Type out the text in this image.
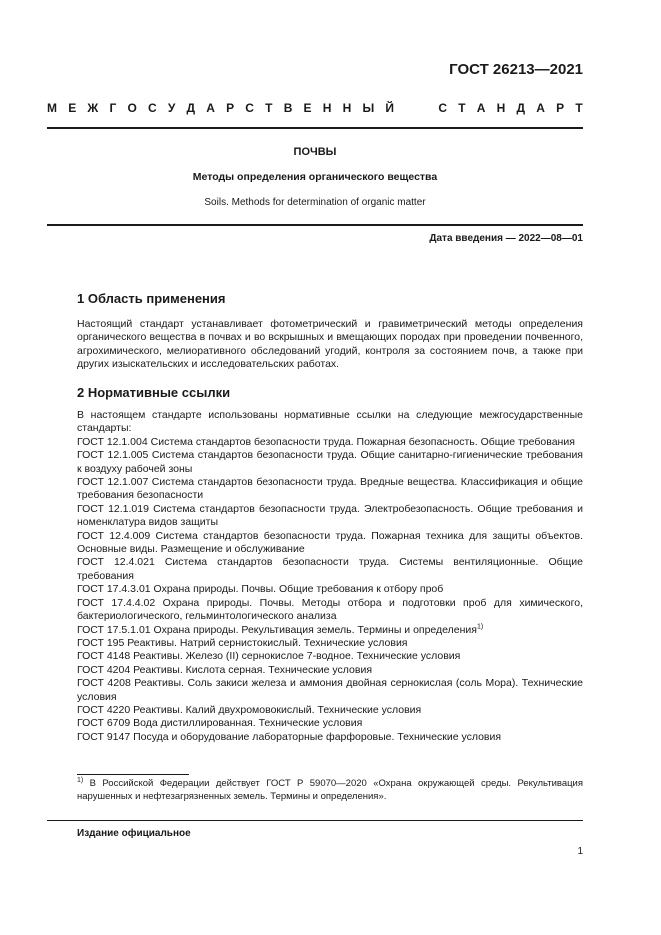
ГОСТ 26213—2021
М Е Ж Г О С У Д А Р С Т В Е Н Н Ы Й	С Т А Н Д А Р Т
ПОЧВЫ
Методы определения органического вещества
Soils. Methods for determination of organic matter
Дата введения — 2022—08—01
1 Область применения

Настоящий стандарт устанавливает фотометрический и гравиметрический методы определения органического вещества в почвах и во вскрышных и вмещающих породах при проведении почвенного, агрохимического, мелиоративного обследований угодий, контроля за состоянием почв, а также при других изыскательских и исследовательских работах.

2 Нормативные ссылки
В настоящем стандарте использованы нормативные ссылки на следующие межгосударственные стандарты:
ГОСТ 12.1.004 Система стандартов безопасности труда. Пожарная безопасность. Общие требования
ГОСТ 12.1.005 Система стандартов безопасности труда. Общие санитарно-гигиенические требования к воздуху рабочей зоны
ГОСТ 12.1.007 Система стандартов безопасности труда. Вредные вещества. Классификация и общие требования безопасности
ГОСТ 12.1.019 Система стандартов безопасности труда. Электробезопасность. Общие требования и номенклатура видов защиты
ГОСТ 12.4.009 Система стандартов безопасности труда. Пожарная техника для защиты объектов. Основные виды. Размещение и обслуживание
ГОСТ 12.4.021 Система стандартов безопасности труда. Системы вентиляционные. Общие требования
ГОСТ 17.4.3.01 Охрана природы. Почвы. Общие требования к отбору проб
ГОСТ 17.4.4.02 Охрана природы. Почвы. Методы отбора и подготовки проб для химического, бактериологического, гельминтологического анализа
ГОСТ 17.5.1.01 Охрана природы. Рекультивация земель. Термины и определения$^{1)}$
ГОСТ 195 Реактивы. Натрий сернистокислый. Технические условия
ГОСТ 4148 Реактивы. Железо (II) сернокислое 7-водное. Технические условия
ГОСТ 4204 Реактивы. Кислота серная. Технические условия
ГОСТ 4208 Реактивы. Соль закиси железа и аммония двойная сернокислая (соль Мора). Технические условия
ГОСТ 4220 Реактивы. Калий двухромовокислый. Технические условия
ГОСТ 6709 Вода дистиллированная. Технические условия
ГОСТ 9147 Посуда и оборудование лабораторные фарфоровые. Технические условия
$^{1)}$ В Российской Федерации действует ГОСТ Р 59070—2020 «Охрана окружающей среды. Рекультивация нарушенных и нефтезагрязненных земель. Термины и определения».
Издание официальное
1
